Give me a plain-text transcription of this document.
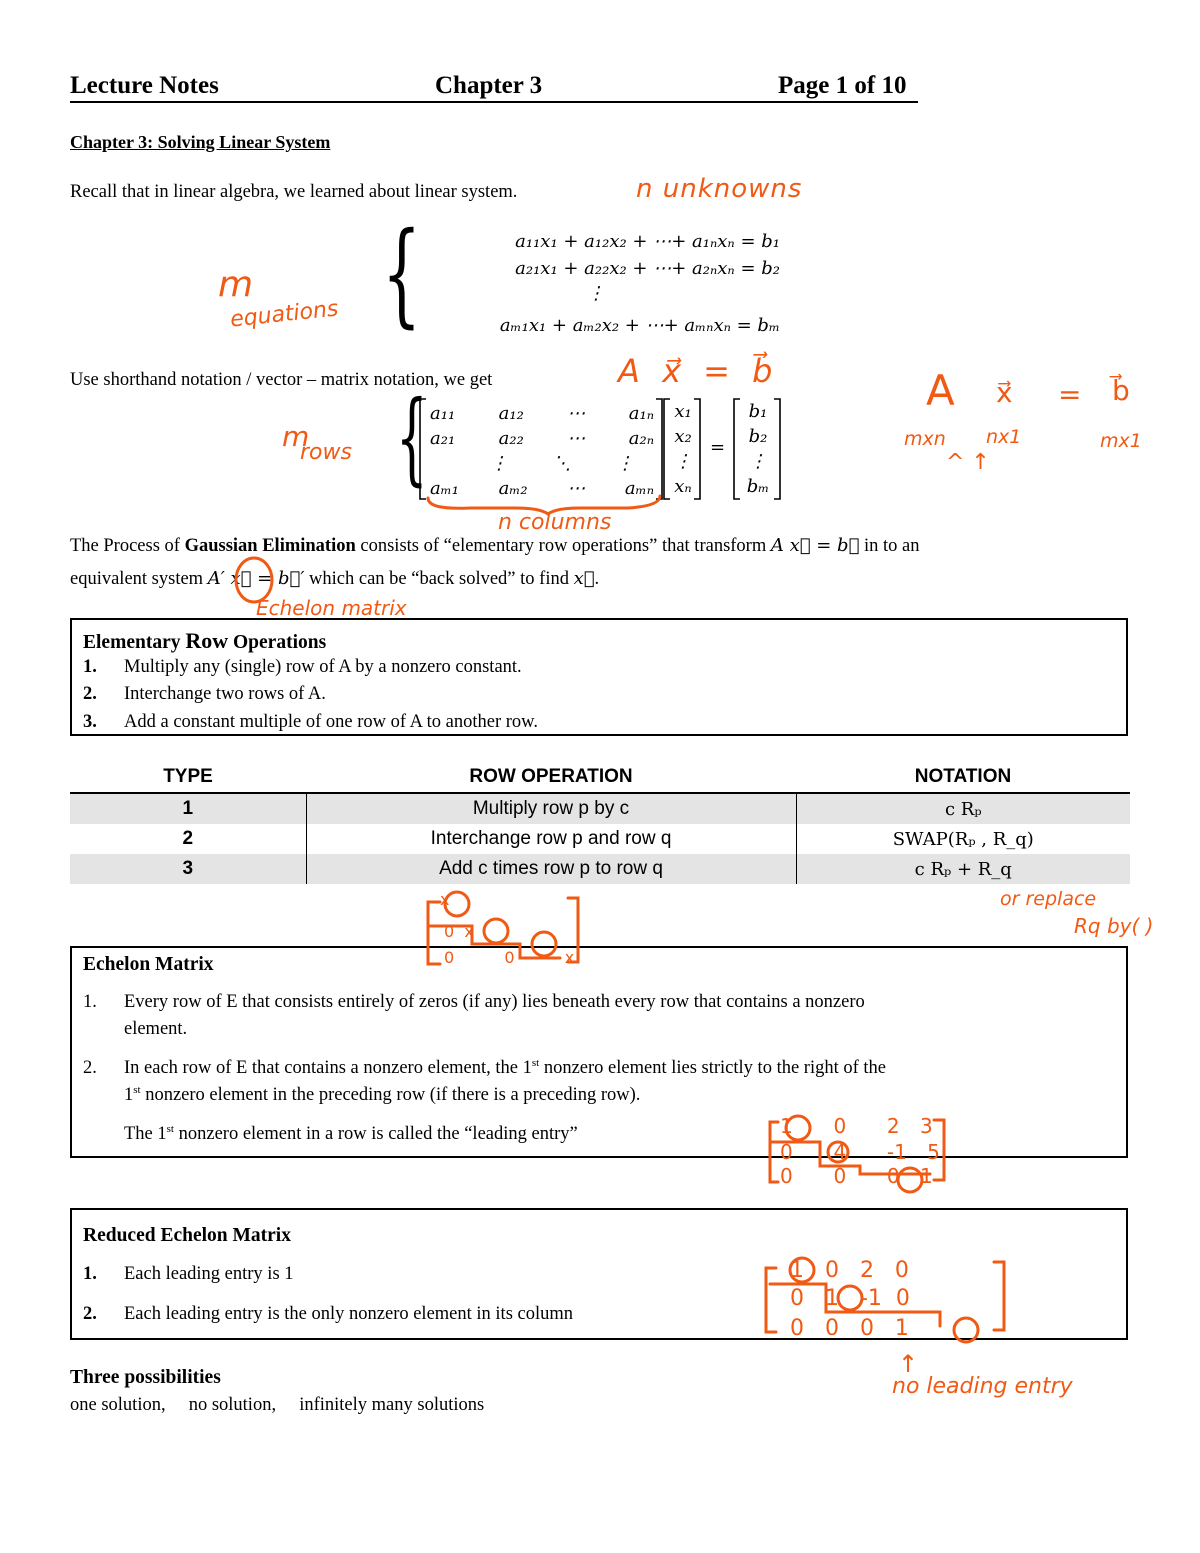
Lecture Notes	Chapter 3	Page 1 of 10
Chapter 3: Solving Linear System
Recall that in linear algebra, we learned about linear system.
{	a₁₁x₁ + a₁₂x₂ + ⋯+ a₁ₙxₙ = b₁
a₂₁x₁ + a₂₂x₂ + ⋯+ a₂ₙxₙ = b₂
⋮
aₘ₁x₁ + aₘ₂x₂ + ⋯+ aₘₙxₙ = bₘ
Use shorthand notation / vector – matrix notation, we get
{ a₁₁ a₁₂ ⋯ a₁ₙ
a₂₁ a₂₂ ⋯ a₂ₙ
⋮	⋱	⋮
aₘ₁ aₘ₂ ⋯ aₘₙ
x₁
x₂
⋮
xₙ
=
b₁
b₂
⋮
bₘ
The Process of Gaussian Elimination consists of “elementary row operations” that transform A x⃗ = b⃗ in to an
equivalent system A′ x⃗ = b⃗′ which can be “back solved” to find x⃗.
Elementary Row Operations
1. Multiply any (single) row of A by a nonzero constant.
2. Interchange two rows of A.
3. Add a constant multiple of one row of A to another row.
TYPE	ROW OPERATION	NOTATION
1	Multiply row p by c	c Rₚ
2	Interchange row p and row q	SWAP(Rₚ , R_q)
3	Add c times row p to row q	c Rₚ + R_q
Echelon Matrix
1. Every row of E that consists entirely of zeros (if any) lies beneath every row that contains a nonzero
element.
2. In each row of E that contains a nonzero element, the 1st nonzero element lies strictly to the right of the
1st nonzero element in the preceding row (if there is a preceding row).
The 1st nonzero element in a row is called the “leading entry”
Reduced Echelon Matrix
1. Each leading entry is 1
2. Each leading entry is the only nonzero element in its column
Three possibilities
one solution,     no solution,     infinitely many solutions
n unknowns
m
equations
A x⃗ = b⃗	A x⃗ = b⃗
mxn nx1	mx1
^ ↑
m
rows
n columns
Echelon matrix
or replace
Rq by( )
x
0  x
0  0  x
1  0  2 3
0  4  -1 5
0  0  0 1
1   0   2   0
0   1   -1  0
0   0   0   1
↑
no leading entry
